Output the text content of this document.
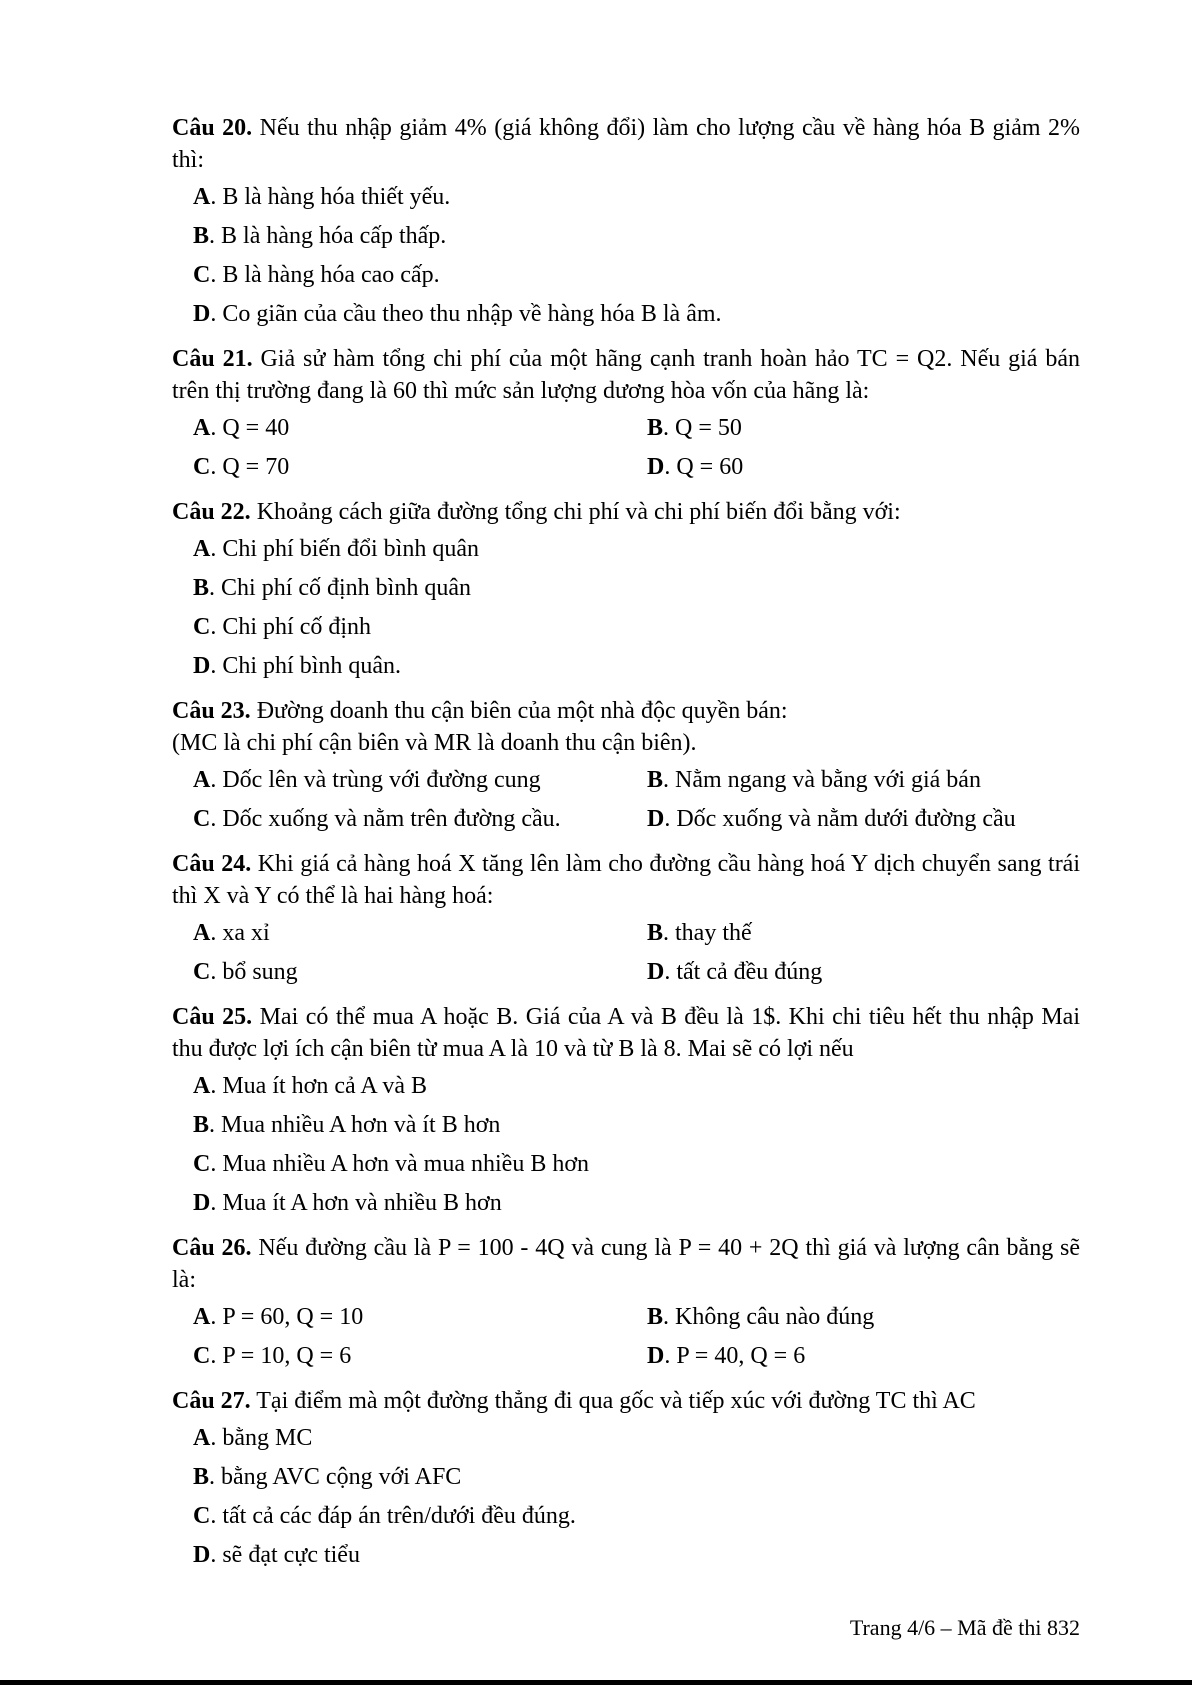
Câu 20. Nếu thu nhập giảm 4% (giá không đổi) làm cho lượng cầu về hàng hóa B giảm 2% thì:
A. B là hàng hóa thiết yếu.
B. B là hàng hóa cấp thấp.
C. B là hàng hóa cao cấp.
D. Co giãn của cầu theo thu nhập về hàng hóa B là âm.
Câu 21. Giả sử hàm tổng chi phí của một hãng cạnh tranh hoàn hảo TC = Q2. Nếu giá bán trên thị trường đang là 60 thì mức sản lượng dương hòa vốn của hãng là:
A. Q = 40	B. Q = 50
C. Q = 70	D. Q = 60
Câu 22. Khoảng cách giữa đường tổng chi phí và chi phí biến đổi bằng với:
A. Chi phí biến đổi bình quân
B. Chi phí cố định bình quân
C. Chi phí cố định
D. Chi phí bình quân.
Câu 23. Đường doanh thu cận biên của một nhà độc quyền bán:
(MC là chi phí cận biên và MR là doanh thu cận biên).
A. Dốc lên và trùng với đường cung	B. Nằm ngang và bằng với giá bán
C. Dốc xuống và nằm trên đường cầu.	D. Dốc xuống và nằm dưới đường cầu
Câu 24. Khi giá cả hàng hoá X tăng lên làm cho đường cầu hàng hoá Y dịch chuyển sang trái thì X và Y có thể là hai hàng hoá:
A. xa xỉ	B. thay thế
C. bổ sung	D. tất cả đều đúng
Câu 25. Mai có thể mua A hoặc B. Giá của A và B đều là 1$. Khi chi tiêu hết thu nhập Mai thu được lợi ích cận biên từ mua A là 10 và từ B là 8. Mai sẽ có lợi nếu
A. Mua ít hơn cả A và B
B. Mua nhiều A hơn và ít B hơn
C. Mua nhiều A hơn và mua nhiều B hơn
D. Mua ít A hơn và nhiều B hơn
Câu 26. Nếu đường cầu là P = 100 - 4Q và cung là P = 40 + 2Q thì giá và lượng cân bằng sẽ là:
A. P = 60, Q = 10	B. Không câu nào đúng
C. P = 10, Q = 6	D. P = 40, Q = 6
Câu 27. Tại điểm mà một đường thẳng đi qua gốc và tiếp xúc với đường TC thì AC
A. bằng MC
B. bằng AVC cộng với AFC
C. tất cả các đáp án trên/dưới đều đúng.
D. sẽ đạt cực tiểu
Trang 4/6 – Mã đề thi 832
